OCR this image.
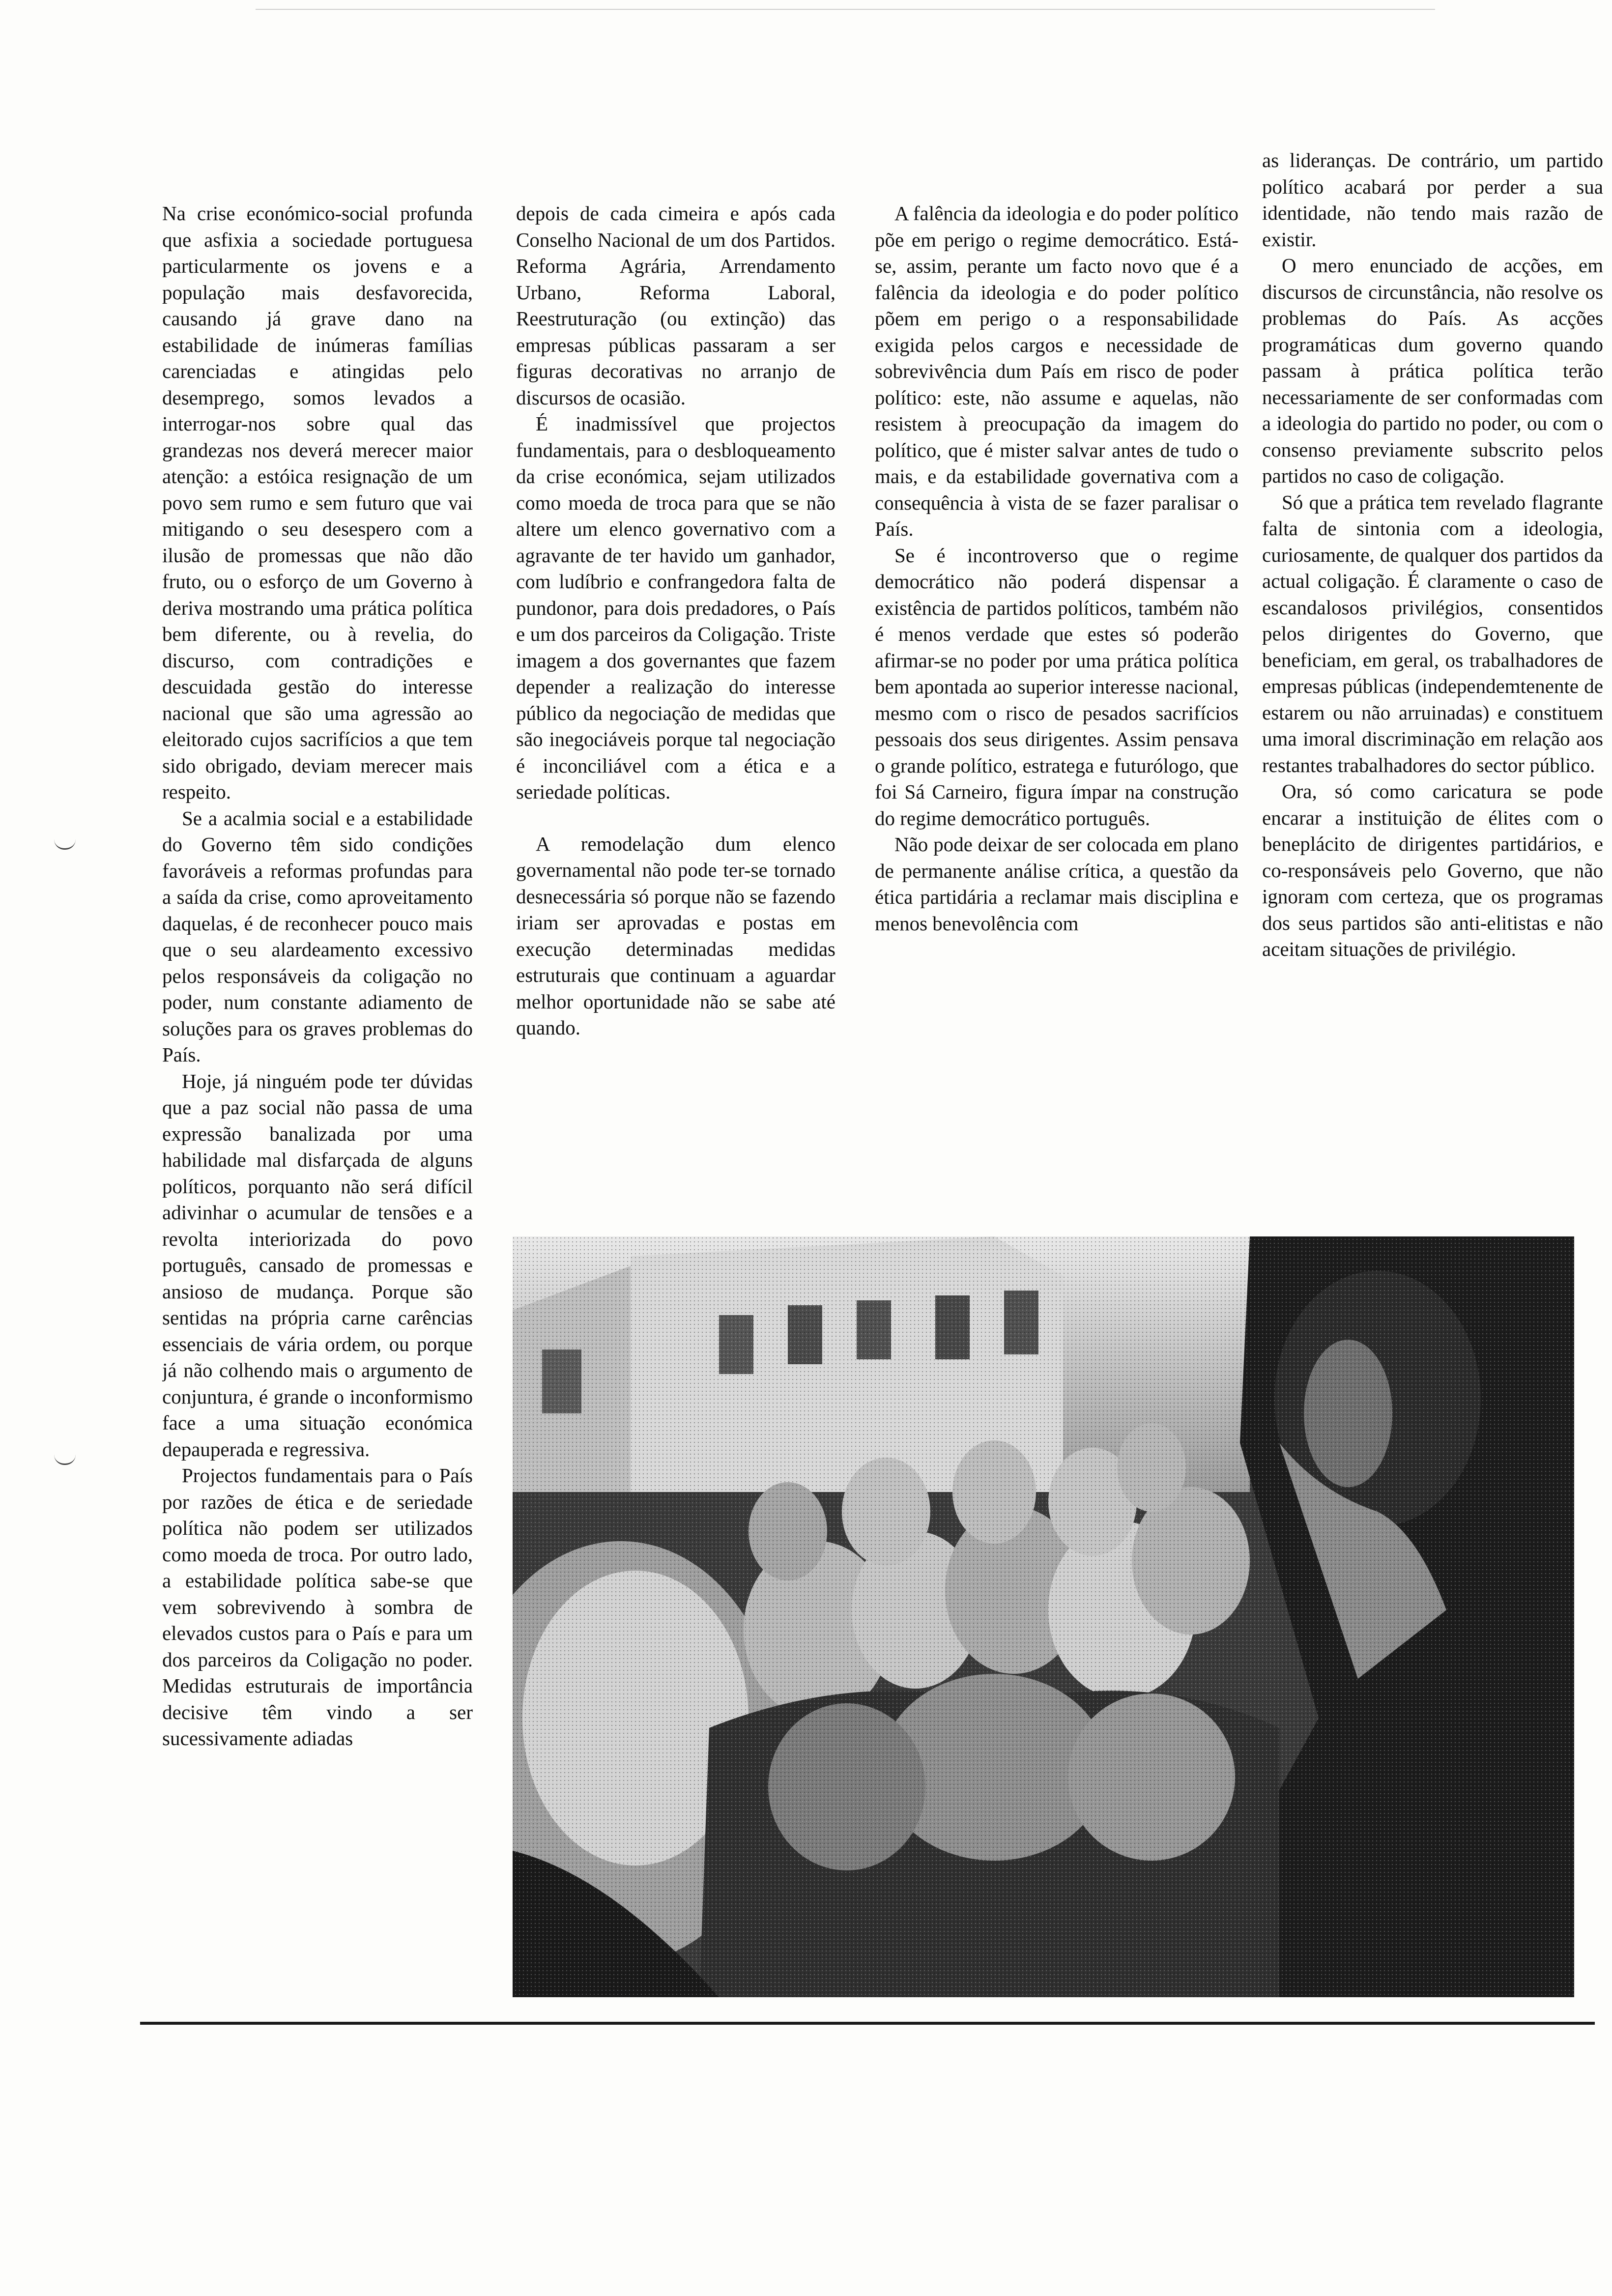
Na crise económico-social profunda que asfixia a sociedade portuguesa particularmente os jovens e a população mais desfavorecida, causando já grave dano na estabilidade de inúmeras famílias carenciadas e atingidas pelo desemprego, somos levados a interrogar-nos sobre qual das grandezas nos deverá merecer maior atenção: a estóica resignação de um povo sem rumo e sem futuro que vai mitigando o seu desespero com a ilusão de promessas que não dão fruto, ou o esforço de um Governo à deriva mostrando uma prática política bem diferente, ou à revelia, do discurso, com contradições e descuidada gestão do interesse nacional que são uma agressão ao eleitorado cujos sacrifícios a que tem sido obrigado, deviam merecer mais respeito.

Se a acalmia social e a estabilidade do Governo têm sido condições favoráveis a reformas profundas para a saída da crise, como aproveitamento daquelas, é de reconhecer pouco mais que o seu alardeamento excessivo pelos responsáveis da coligação no poder, num constante adiamento de soluções para os graves problemas do País.

Hoje, já ninguém pode ter dúvidas que a paz social não passa de uma expressão banalizada por uma habilidade mal disfarçada de alguns políticos, porquanto não será difícil adivinhar o acumular de tensões e a revolta interiorizada do povo português, cansado de promessas e ansioso de mudança. Porque são sentidas na própria carne carências essenciais de vária ordem, ou porque já não colhendo mais o argumento de conjuntura, é grande o inconformismo face a uma situação económica depauperada e regressiva.

Projectos fundamentais para o País por razões de ética e de seriedade política não podem ser utilizados como moeda de troca. Por outro lado, a estabilidade política sabe-se que vem sobrevivendo à sombra de elevados custos para o País e para um dos parceiros da Coligação no poder. Medidas estruturais de importância decisive têm vindo a ser sucessivamente adiadas

depois de cada cimeira e após cada Conselho Nacional de um dos Partidos. Reforma Agrária, Arrendamento Urbano, Reforma Laboral, Reestruturação (ou extinção) das empresas públicas passaram a ser figuras decorativas no arranjo de discursos de ocasião.

É inadmissível que projectos fundamentais, para o desbloqueamento da crise económica, sejam utilizados como moeda de troca para que se não altere um elenco governativo com a agravante de ter havido um ganhador, com ludíbrio e confrangedora falta de pundonor, para dois predadores, o País e um dos parceiros da Coligação. Triste imagem a dos governantes que fazem depender a realização do interesse público da negociação de medidas que são inegociáveis porque tal negociação é inconciliável com a ética e a seriedade políticas.

A remodelação dum elenco governamental não pode ter-se tornado desnecessária só porque não se fazendo iriam ser aprovadas e postas em execução determinadas medidas estruturais que continuam a aguardar melhor oportunidade não se sabe até quando.

A falência da ideologia e do poder político põe em perigo o regime democrático. Está-se, assim, perante um facto novo que é a falência da ideologia e do poder político põem em perigo o a responsabilidade exigida pelos cargos e necessidade de sobrevivência dum País em risco de poder político: este, não assume e aquelas, não resistem à preocupação da imagem do político, que é mister salvar antes de tudo o mais, e da estabilidade governativa com a consequência à vista de se fazer paralisar o País.

Se é incontroverso que o regime democrático não poderá dispensar a existência de partidos políticos, também não é menos verdade que estes só poderão afirmar-se no poder por uma prática política bem apontada ao superior interesse nacional, mesmo com o risco de pesados sacrifícios pessoais dos seus dirigentes. Assim pensava o grande político, estratega e futurólogo, que foi Sá Carneiro, figura ímpar na construção do regime democrático português.

Não pode deixar de ser colocada em plano de permanente análise crítica, a questão da ética partidária a reclamar mais disciplina e menos benevolência com

as lideranças. De contrário, um partido político acabará por perder a sua identidade, não tendo mais razão de existir.

O mero enunciado de acções, em discursos de circunstância, não resolve os problemas do País. As acções programáticas dum governo quando passam à prática política terão necessariamente de ser conformadas com a ideologia do partido no poder, ou com o consenso previamente subscrito pelos partidos no caso de coligação.

Só que a prática tem revelado flagrante falta de sintonia com a ideologia, curiosamente, de qualquer dos partidos da actual coligação. É claramente o caso de escandalosos privilégios, consentidos pelos dirigentes do Governo, que beneficiam, em geral, os trabalhadores de empresas públicas (independemtenente de estarem ou não arruinadas) e constituem uma imoral discriminação em relação aos restantes trabalhadores do sector público.

Ora, só como caricatura se pode encarar a instituição de élites com o beneplácito de dirigentes partidários, e co-responsáveis pelo Governo, que não ignoram com certeza, que os programas dos seus partidos são anti-elitistas e não aceitam situações de privilégio.
